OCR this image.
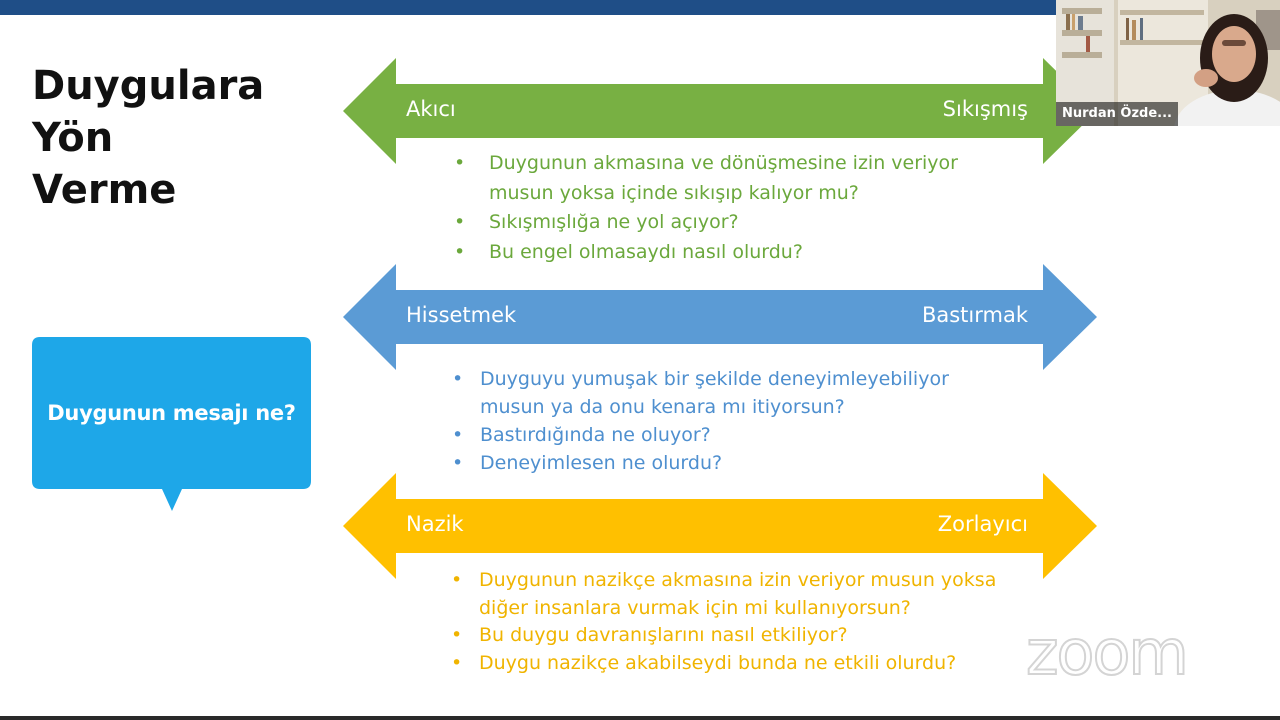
Duygulara
Yön
Verme
Duygunun mesajı ne?
Akıcı	Sıkışmış
• Duygunun akmasına ve dönüşmesine izin veriyor
musun yoksa içinde sıkışıp kalıyor mu?
• Sıkışmışlığa ne yol açıyor?
• Bu engel olmasaydı nasıl olurdu?
Hissetmek	Bastırmak
• Duyguyu yumuşak bir şekilde deneyimleyebiliyor
musun ya da onu kenara mı itiyorsun?
• Bastırdığında ne oluyor?
• Deneyimlesen ne olurdu?
Nazik	Zorlayıcı
• Duygunun nazikçe akmasına izin veriyor musun yoksa
diğer insanlara vurmak için mi kullanıyorsun?
• Bu duygu davranışlarını nasıl etkiliyor?
• Duygu nazikçe akabilseydi bunda ne etkili olurdu?
Nurdan Özde...
zoom
